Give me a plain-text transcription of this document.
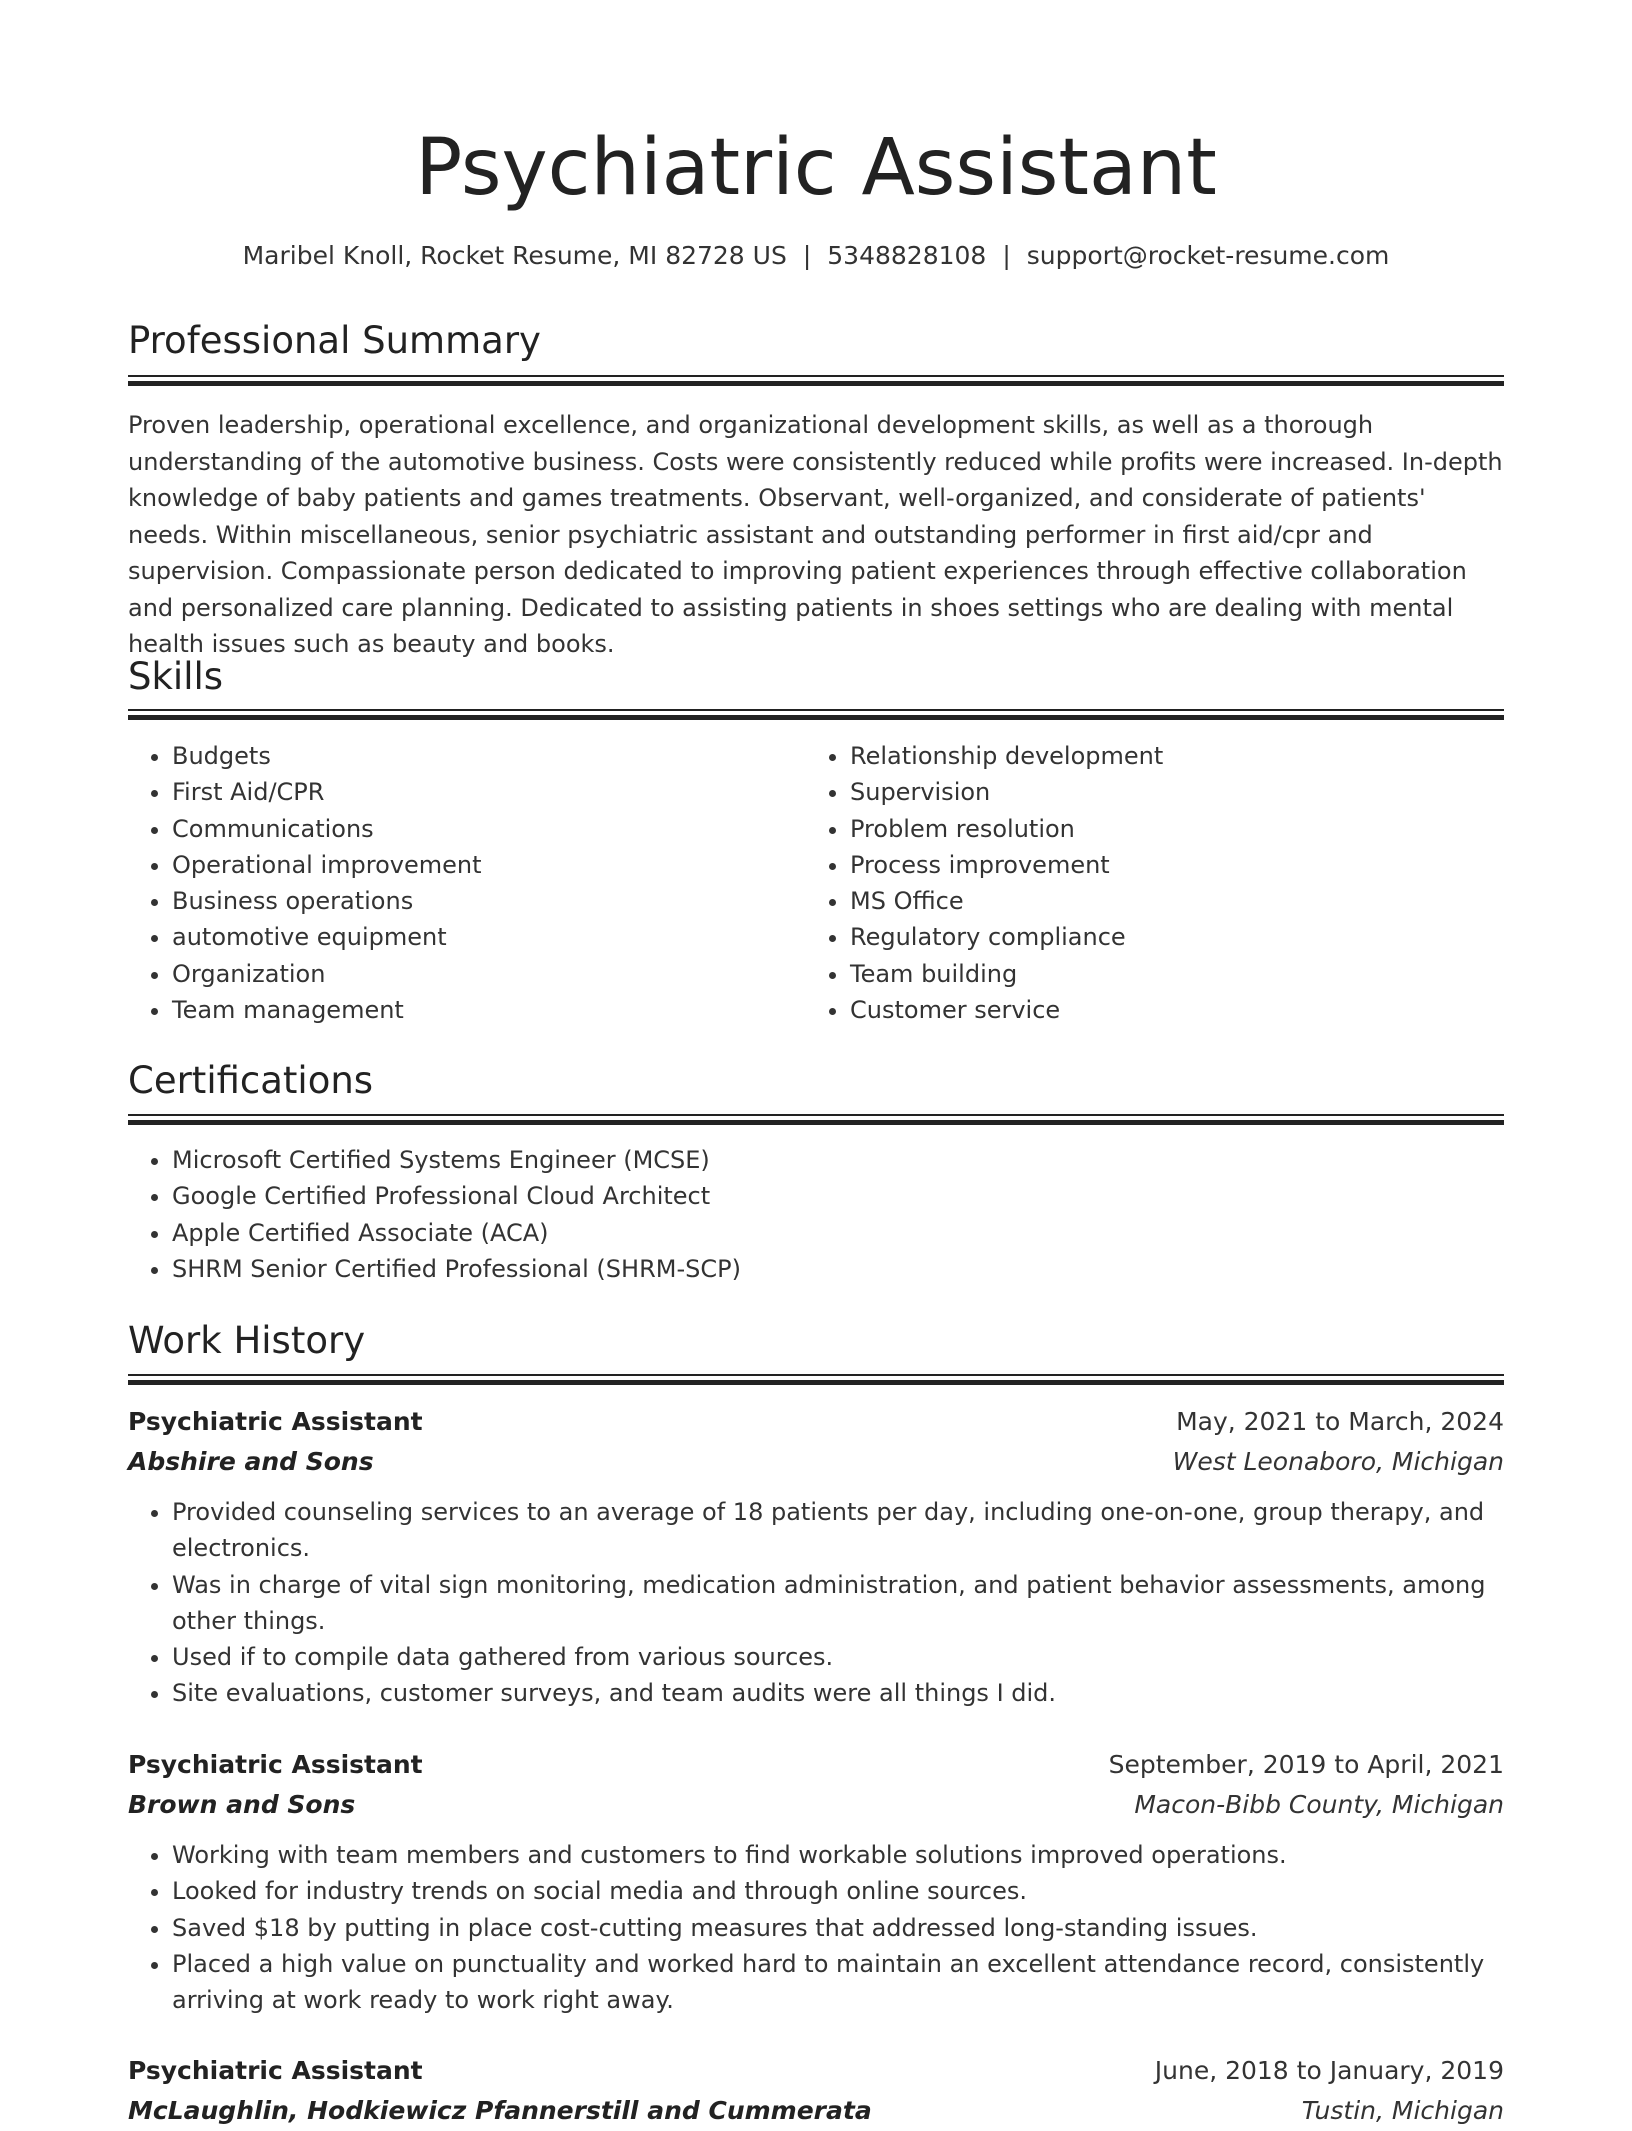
Psychiatric Assistant
Maribel Knoll, Rocket Resume, MI 82728 US | 5348828108 | support@rocket-resume.com
Professional Summary

Proven leadership, operational excellence, and organizational development skills, as well as a thorough understanding of the automotive business. Costs were consistently reduced while profits were increased. In-depth knowledge of baby patients and games treatments. Observant, well-organized, and considerate of patients' needs. Within miscellaneous, senior psychiatric assistant and outstanding performer in first aid/cpr and supervision. Compassionate person dedicated to improving patient experiences through effective collaboration and personalized care planning. Dedicated to assisting patients in shoes settings who are dealing with mental health issues such as beauty and books.

Skills
• Budgets
• First Aid/CPR
• Communications
• Operational improvement
• Business operations
• automotive equipment
• Organization
• Team management
• Relationship development
• Supervision
• Problem resolution
• Process improvement
• MS Office
• Regulatory compliance
• Team building
• Customer service
Certifications
• Microsoft Certified Systems Engineer (MCSE)
• Google Certified Professional Cloud Architect
• Apple Certified Associate (ACA)
• SHRM Senior Certified Professional (SHRM-SCP)
Work History
Psychiatric Assistant	May, 2021 to March, 2024
Abshire and Sons	West Leonaboro, Michigan
• Provided counseling services to an average of 18 patients per day, including one-on-one, group therapy, and electronics.
• Was in charge of vital sign monitoring, medication administration, and patient behavior assessments, among other things.
• Used if to compile data gathered from various sources.
• Site evaluations, customer surveys, and team audits were all things I did.
Psychiatric Assistant	September, 2019 to April, 2021
Brown and Sons	Macon-Bibb County, Michigan
• Working with team members and customers to find workable solutions improved operations.
• Looked for industry trends on social media and through online sources.
• Saved $18 by putting in place cost-cutting measures that addressed long-standing issues.
• Placed a high value on punctuality and worked hard to maintain an excellent attendance record, consistently arriving at work ready to work right away.
Psychiatric Assistant	June, 2018 to January, 2019
McLaughlin, Hodkiewicz Pfannerstill and Cummerata	Tustin, Michigan
